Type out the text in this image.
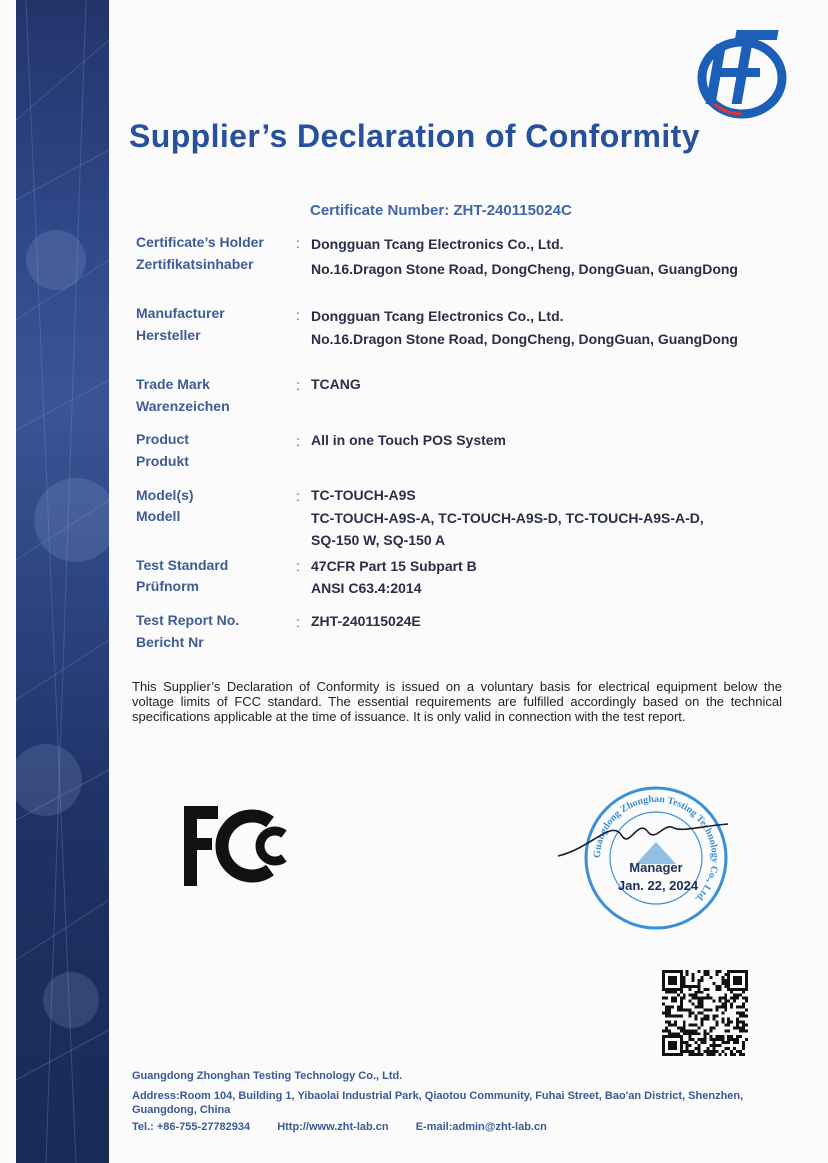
Supplier’s Declaration of Conformity
Certificate Number: ZHT-240115024C
Certificate’s Holder
Zertifikatsinhaber
: Dongguan Tcang Electronics Co., Ltd.
No.16.Dragon Stone Road, DongCheng, DongGuan, GuangDong
Manufacturer
Hersteller
: Dongguan Tcang Electronics Co., Ltd.
No.16.Dragon Stone Road, DongCheng, DongGuan, GuangDong
Trade Mark
Warenzeichen
: TCANG
Product
Produkt
: All in one Touch POS System
Model(s)
Modell
: TC-TOUCH-A9S
TC-TOUCH-A9S-A, TC-TOUCH-A9S-D, TC-TOUCH-A9S-A-D,
SQ-150 W, SQ-150 A
Test Standard
Prüfnorm
: 47CFR Part 15 Subpart B
ANSI C63.4:2014
Test Report No.
Bericht Nr
: ZHT-240115024E
This Supplier’s Declaration of Conformity is issued on a voluntary basis for electrical equipment below the voltage limits of FCC standard. The essential requirements are fulfilled accordingly based on the technical specifications applicable at the time of issuance. It is only valid in connection with the test report.
Guangdong Zhonghan Testing Technology Co., Ltd.
Manager
Jan. 22, 2024
Guangdong Zhonghan Testing Technology Co., Ltd.
Address:Room 104, Building 1, Yibaolai Industrial Park, Qiaotou Community, Fuhai Street, Bao'an District, Shenzhen,
Guangdong, China
Tel.: +86-755-27782934 Http://www.zht-lab.cn E-mail:admin@zht-lab.cn
